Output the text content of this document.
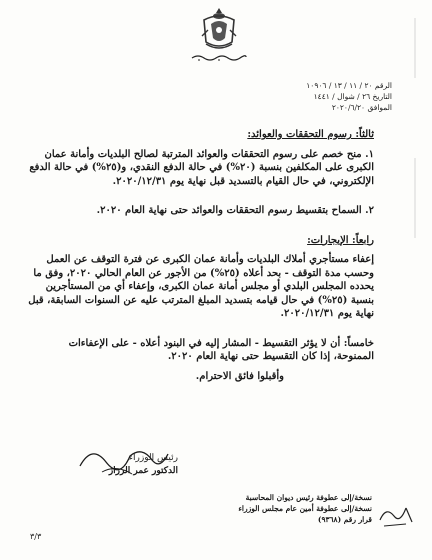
الرقم ٢٠ / ١١ / ١٣ / ١٠٩٠٦
التاريخ ٢٦ / شوال / ١٤٤١
الموافق ٢٠٢٠/٦/٢٠

ثالثاً: رسوم التحققات والعوائد:

١. منح خصم على رسوم التحققات والعوائد المترتبة لصالح البلديات وأمانة عمان الكبرى على المكلفين بنسبة (٢٠%) في حالة الدفع النقدي، و(٢٥%) في حالة الدفع الإلكتروني، في حال القيام بالتسديد قبل نهاية يوم ٢٠٢٠/١٢/٣١.

٢. السماح بتقسيط رسوم التحققات والعوائد حتى نهاية العام ٢٠٢٠.

رابعاً: الإيجارات:

إعفاء مستأجري أملاك البلديات وأمانة عمان الكبرى عن فترة التوقف عن العمل وحسب مدة التوقف - بحد أعلاه (٢٥%) من الأجور عن العام الحالي ٢٠٢٠، وفق ما يحدده المجلس البلدي أو مجلس أمانة عمان الكبرى، وإعفاء أي من المستأجرين بنسبة (٢٥%) في حال قيامه بتسديد المبلغ المترتب عليه عن السنوات السابقة، قبل نهاية يوم ٢٠٢٠/١٢/٣١.

خامساً: أن لا يؤثر التقسيط - المشار إليه في البنود أعلاه - على الإعفاءات الممنوحة، إذا كان التقسيط حتى نهاية العام ٢٠٢٠.

وأقبلوا فائق الاحترام.

رئيس الوزراء
الدكتور عمر الرزاز
نسخة/إلى عطوفة رئيس ديوان المحاسبة
نسخة/إلى عطوفة أمين عام مجلس الوزراء
قرار رقم (٩٣٦٨)
٣/٣
